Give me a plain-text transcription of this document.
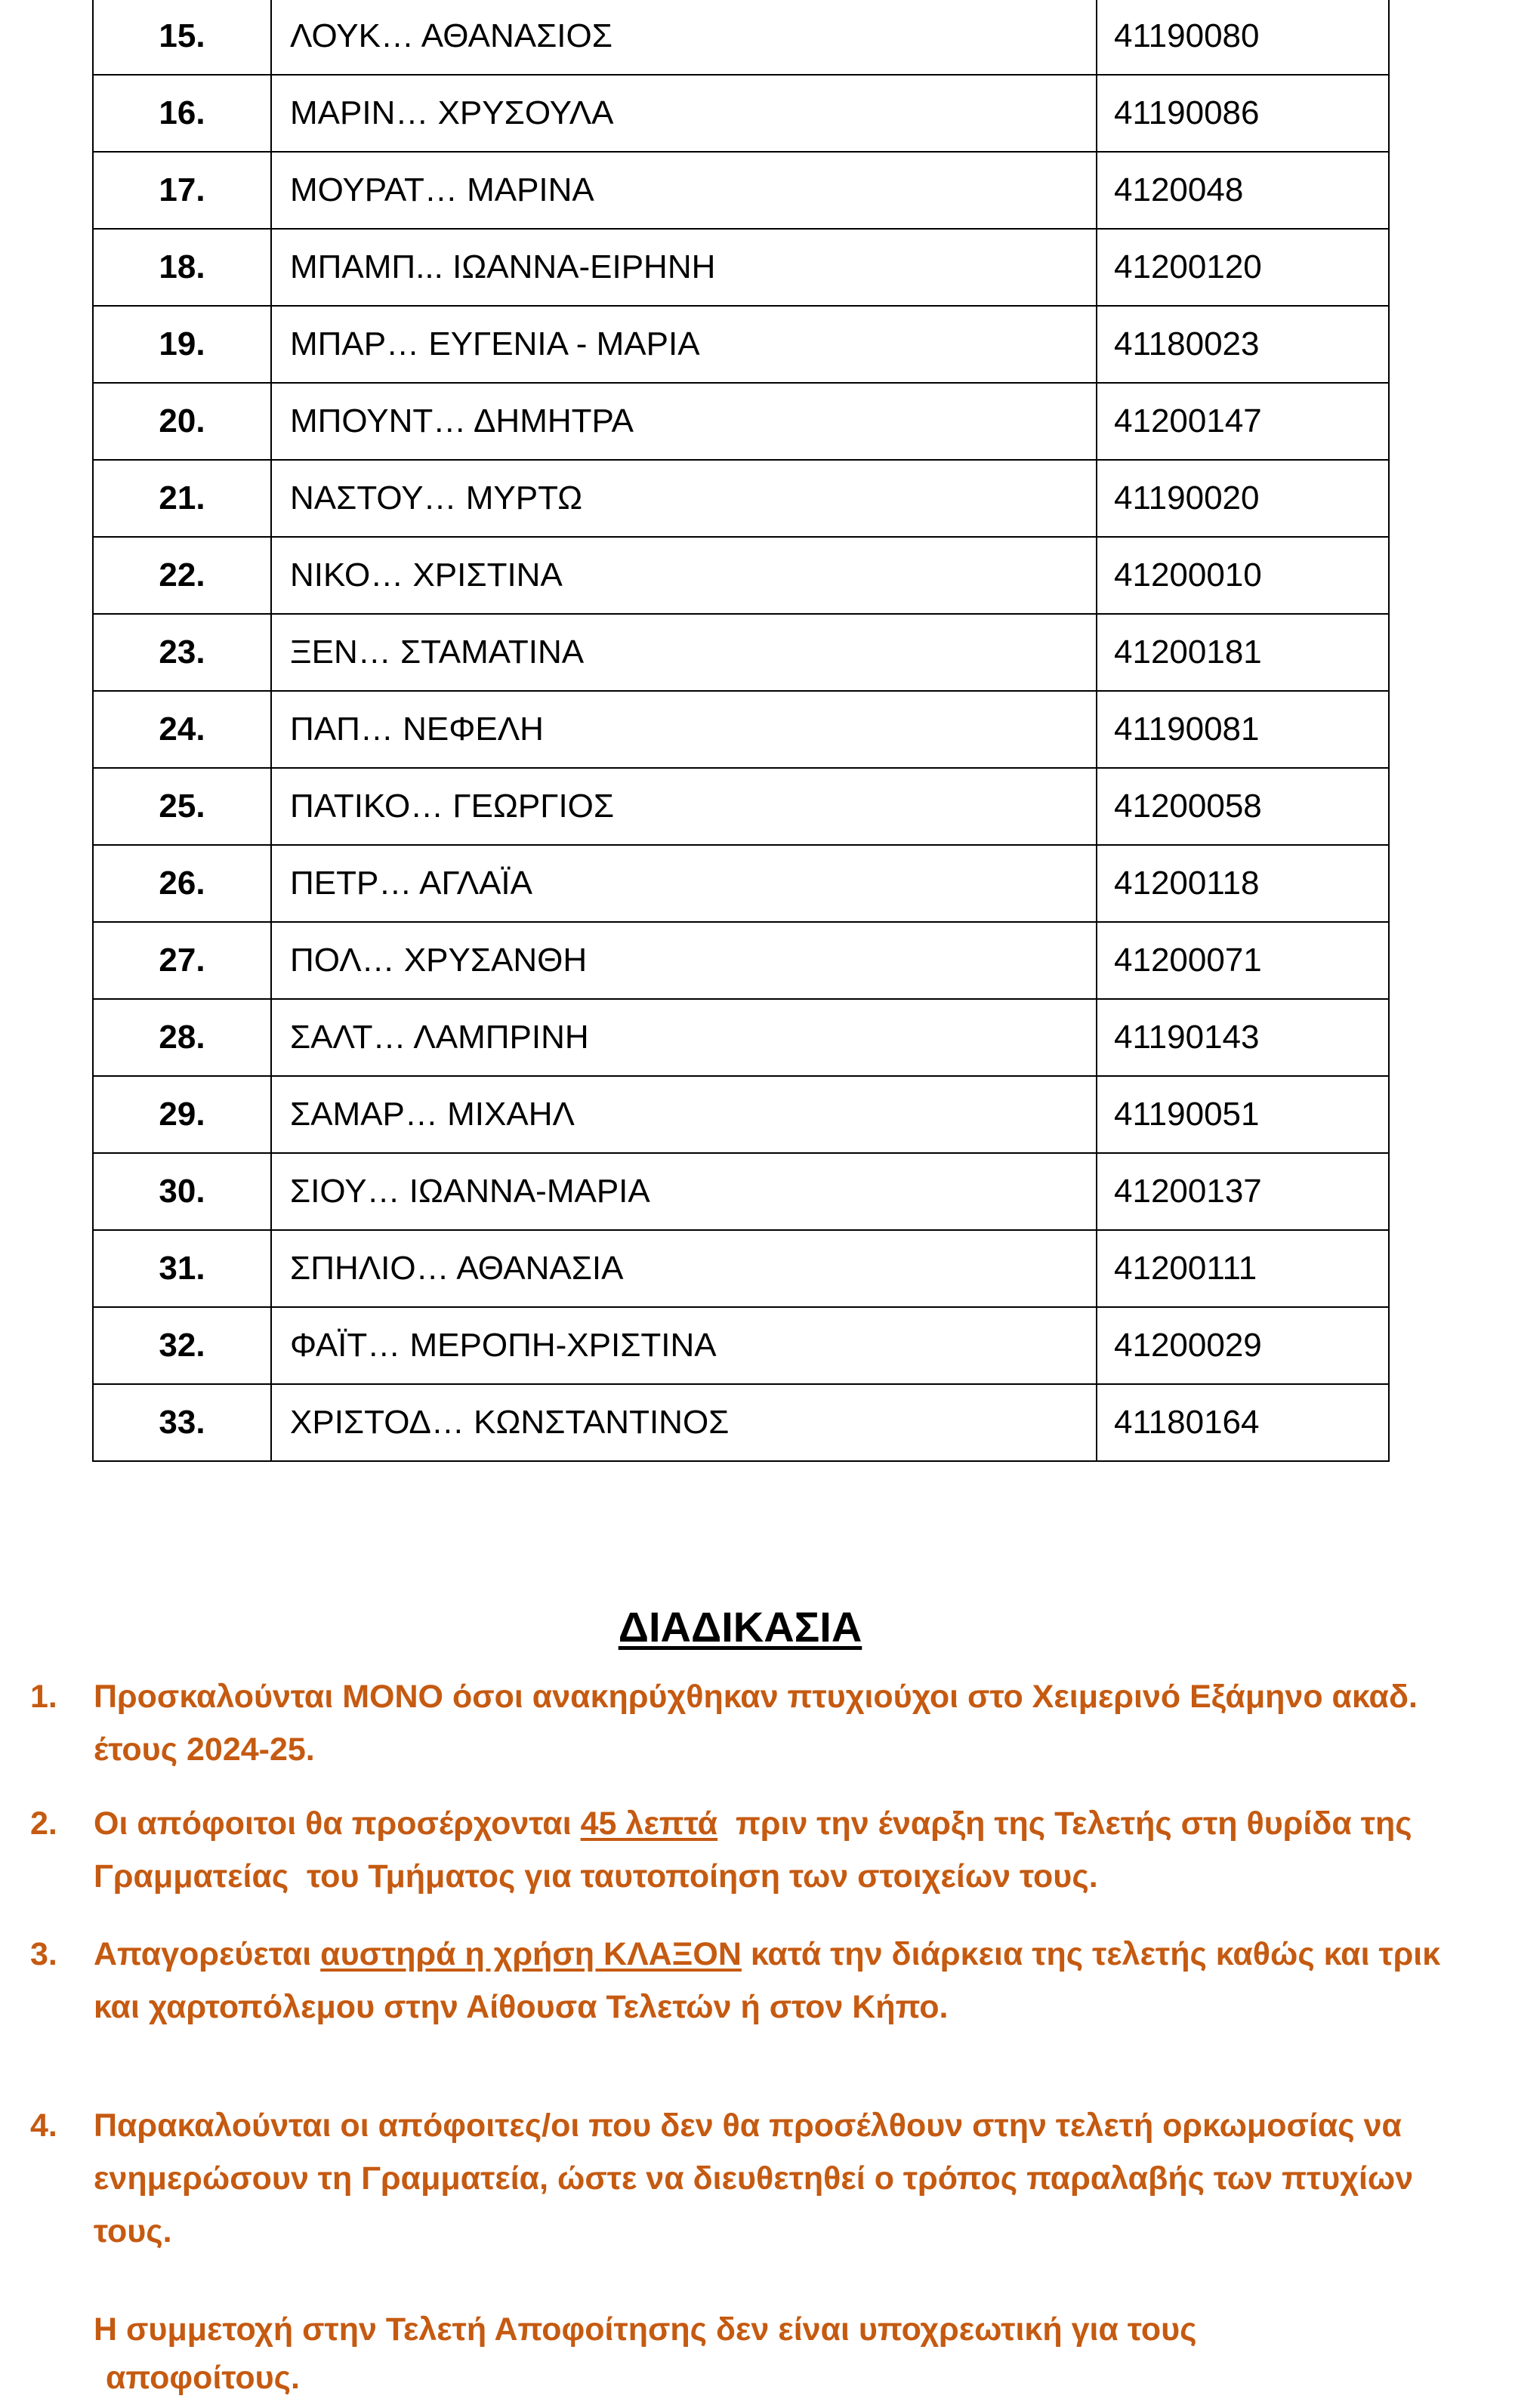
15.	ΛΟΥΚ… ΑΘΑΝΑΣΙΟΣ	41190080
16.	ΜΑΡΙΝ… ΧΡΥΣΟΥΛΑ	41190086
17.	ΜΟΥΡΑΤ… ΜΑΡΙΝΑ	4120048
18.	ΜΠΑΜΠ... ΙΩΑΝΝΑ-ΕΙΡΗΝΗ	41200120
19.	ΜΠΑΡ… ΕΥΓΕΝΙΑ - ΜΑΡΙΑ	41180023
20.	ΜΠΟΥΝΤ… ΔΗΜΗΤΡΑ	41200147
21.	ΝΑΣΤΟΥ… ΜΥΡΤΩ	41190020
22.	ΝΙΚΟ… ΧΡΙΣΤΙΝΑ	41200010
23.	ΞΕΝ… ΣΤΑΜΑΤΙΝΑ	41200181
24.	ΠΑΠ… ΝΕΦΕΛΗ	41190081
25.	ΠΑΤΙΚΟ… ΓΕΩΡΓΙΟΣ	41200058
26.	ΠΕΤΡ… ΑΓΛΑΪΑ	41200118
27.	ΠΟΛ… ΧΡΥΣΑΝΘΗ	41200071
28.	ΣΑΛΤ… ΛΑΜΠΡΙΝΗ	41190143
29.	ΣΑΜΑΡ… ΜΙΧΑΗΛ	41190051
30.	ΣΙΟΥ… ΙΩΑΝΝΑ-ΜΑΡΙΑ	41200137
31.	ΣΠΗΛΙΟ… ΑΘΑΝΑΣΙΑ	41200111
32.	ΦΑΪΤ… ΜΕΡΟΠΗ-ΧΡΙΣΤΙΝΑ	41200029
33.	ΧΡΙΣΤΟΔ… ΚΩΝΣΤΑΝΤΙΝΟΣ	41180164
ΔΙΑΔΙΚΑΣΙΑ
1. Προσκαλούνται ΜΟΝΟ όσοι ανακηρύχθηκαν πτυχιούχοι στο Χειμερινό Εξάμηνο ακαδ.
έτους 2024-25.
2. Οι απόφοιτοι θα προσέρχονται 45 λεπτά  πριν την έναρξη της Τελετής στη θυρίδα της
Γραμματείας  του Τμήματος για ταυτοποίηση των στοιχείων τους.
3. Απαγορεύεται αυστηρά η χρήση ΚΛΑΞΟΝ κατά την διάρκεια της τελετής καθώς και τρικ
και χαρτοπόλεμου στην Αίθουσα Τελετών ή στον Κήπο.
4. Παρακαλούνται οι απόφοιτες/οι που δεν θα προσέλθουν στην τελετή ορκωμοσίας να
ενημερώσουν τη Γραμματεία, ώστε να διευθετηθεί ο τρόπος παραλαβής των πτυχίων
τους.
Η συμμετοχή στην Τελετή Αποφοίτησης δεν είναι υποχρεωτική για τους
αποφοίτους.
